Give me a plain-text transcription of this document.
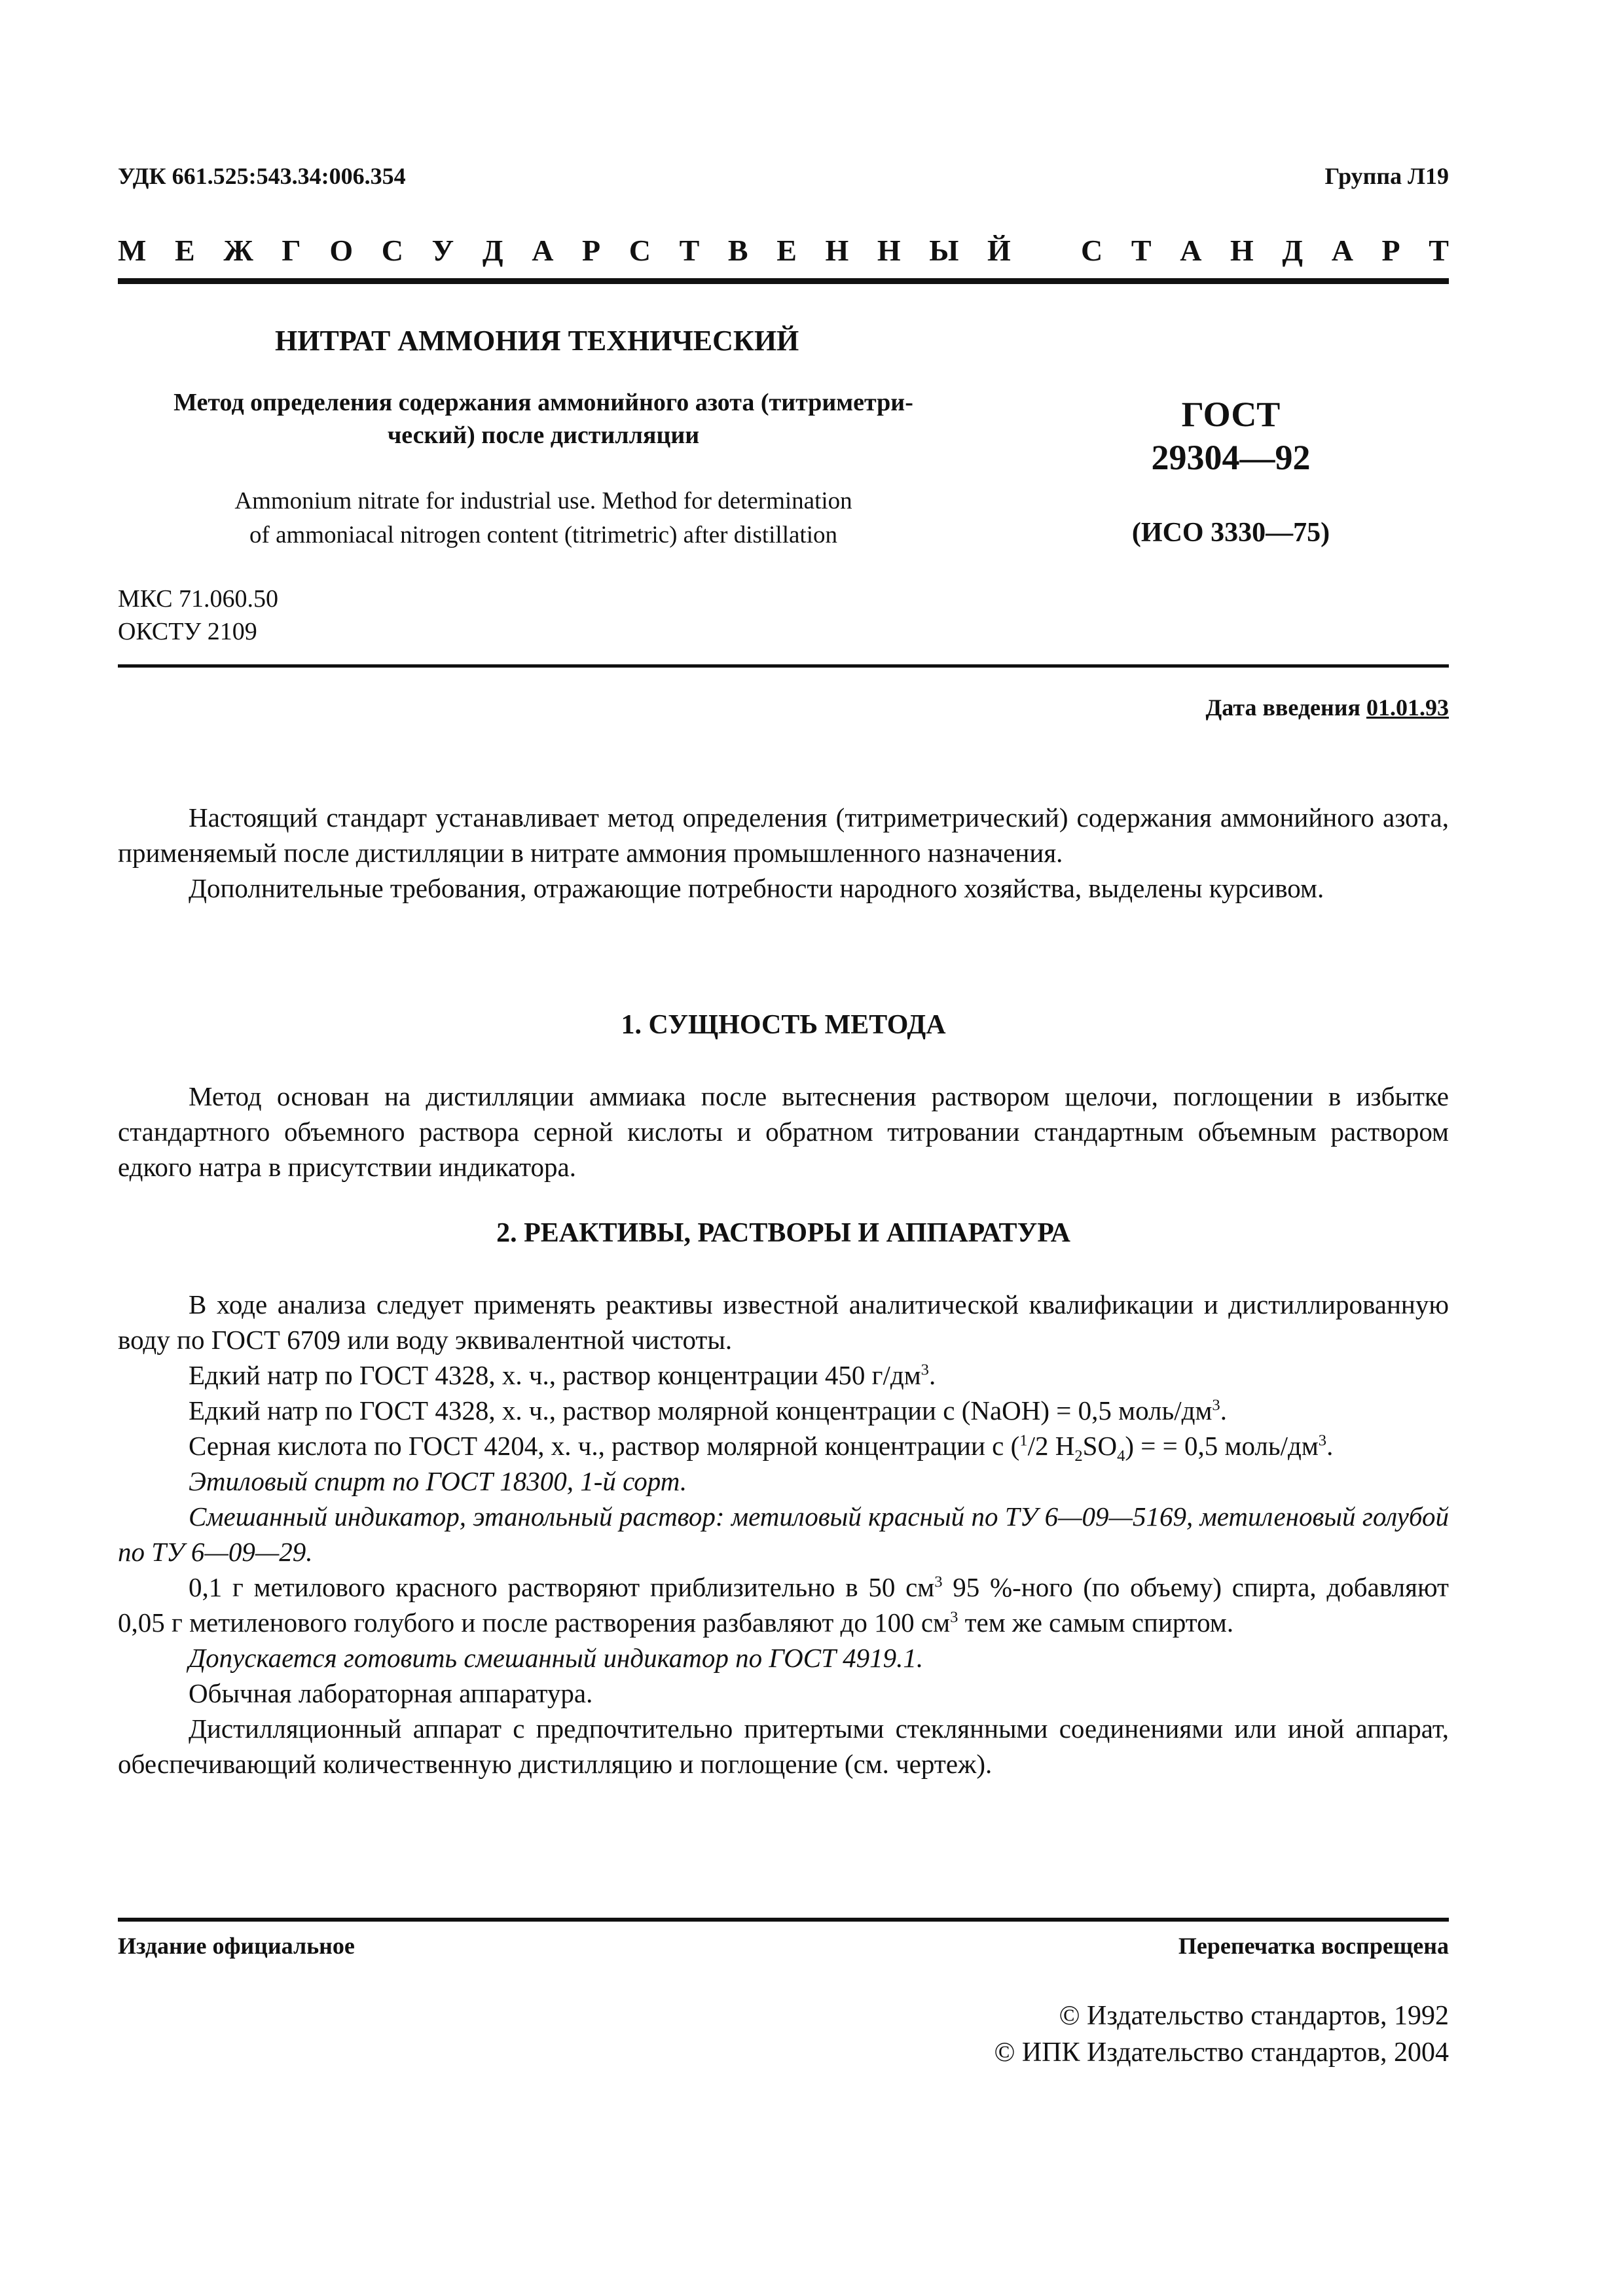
УДК 661.525:543.34:006.354	Группа Л19
М Е Ж Г О С У Д А Р С Т В Е Н Н Ы Й С Т А Н Д А Р Т
НИТРАТ АММОНИЯ ТЕХНИЧЕСКИЙ
Метод определения содержания аммонийного азота (титриметри-
ческий) после дистилляции
ГОСТ
29304—92
Ammonium nitrate for industrial use. Method for determination
of ammoniacal nitrogen content (titrimetric) after distillation	(ИСО 3330—75)
МКС 71.060.50
ОКСТУ 2109
Дата введения 01.01.93

Настоящий стандарт устанавливает метод определения (титриметрический) содержания аммонийного азота, применяемый после дистилляции в нитрате аммония промышленного назначения.

Дополнительные требования, отражающие потребности народного хозяйства, выделены курсивом.

1. СУЩНОСТЬ МЕТОДА

Метод основан на дистилляции аммиака после вытеснения раствором щелочи, поглощении в избытке стандартного объемного раствора серной кислоты и обратном титровании стандартным объемным раствором едкого натра в присутствии индикатора.

2. РЕАКТИВЫ, РАСТВОРЫ И АППАРАТУРА

В ходе анализа следует применять реактивы известной аналитической квалификации и дистиллированную воду по ГОСТ 6709 или воду эквивалентной чистоты.

Едкий натр по ГОСТ 4328, х. ч., раствор концентрации 450 $г/дм^3$.

Едкий натр по ГОСТ 4328, х. ч., раствор молярной концентрации с (NaOH) = 0,5 моль/$дм^3$.

Серная кислота по ГОСТ 4204, х. ч., раствор молярной концентрации с ($^1$/2 $H_2SO_4$) = = 0,5 моль/$дм^3$.

Этиловый спирт по ГОСТ 18300, 1-й сорт.

Смешанный индикатор, этанольный раствор: метиловый красный по ТУ 6—09—5169, метиленовый голубой по ТУ 6—09—29.

0,1 г метилового красного растворяют приблизительно в 50 $см^3$ 95 %-ного (по объему) спирта, добавляют 0,05 г метиленового голубого и после растворения разбавляют до 100 $см^3$ тем же самым спиртом.

Допускается готовить смешанный индикатор по ГОСТ 4919.1.

Обычная лабораторная аппаратура.

Дистилляционный аппарат с предпочтительно притертыми стеклянными соединениями или иной аппарат, обеспечивающий количественную дистилляцию и поглощение (см. чертеж).

Издание официальное	Перепечатка воспрещена
© Издательство стандартов, 1992
© ИПК Издательство стандартов, 2004
